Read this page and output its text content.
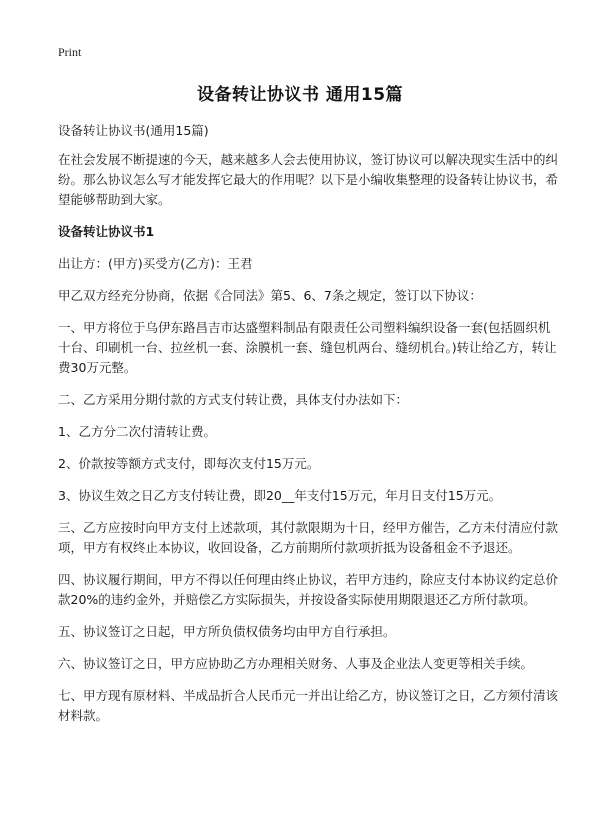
Print
设备转让协议书 通用15篇
设备转让协议书(通用15篇)
在社会发展不断提速的今天，越来越多人会去使用协议，签订协议可以解决现实生活中的纠纷。那么协议怎么写才能发挥它最大的作用呢？以下是小编收集整理的设备转让协议书，希望能够帮助到大家。
设备转让协议书1
出让方：(甲方)买受方(乙方)：王君
甲乙双方经充分协商，依据《合同法》第5、6、7条之规定，签订以下协议：
一、甲方将位于乌伊东路昌吉市达盛塑料制品有限责任公司塑料编织设备一套(包括圆织机十台、印刷机一台、拉丝机一套、涂膜机一套、缝包机两台、缝纫机台。)转让给乙方，转让费30万元整。
二、乙方采用分期付款的方式支付转让费，具体支付办法如下：
1、乙方分二次付清转让费。
2、价款按等额方式支付，即每次支付15万元。
3、协议生效之日乙方支付转让费，即20__年支付15万元，年月日支付15万元。
三、乙方应按时向甲方支付上述款项，其付款限期为十日，经甲方催告，乙方未付清应付款项，甲方有权终止本协议，收回设备，乙方前期所付款项折抵为设备租金不予退还。
四、协议履行期间，甲方不得以任何理由终止协议，若甲方违约，除应支付本协议约定总价款20%的违约金外，并赔偿乙方实际损失，并按设备实际使用期限退还乙方所付款项。
五、协议签订之日起，甲方所负债权债务均由甲方自行承担。
六、协议签订之日，甲方应协助乙方办理相关财务、人事及企业法人变更等相关手续。
七、甲方现有原材料、半成品折合人民币元一并出让给乙方，协议签订之日，乙方须付清该材料款。
